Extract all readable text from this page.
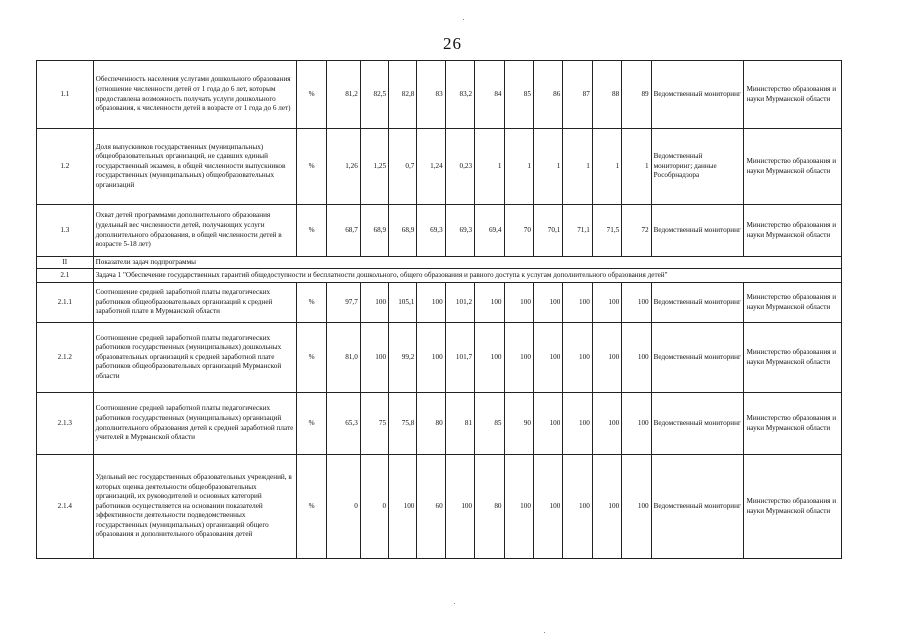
26
1.1	Обеспеченность населения услугами дошкольного образования (отношение численности детей от 1 года до 6 лет, которым предоставлена возможность получать услуги дошкольного образования, к численности детей в возрасте от 1 года до 6 лет)	%	81,2	82,5	82,8	83	83,2	84	85	86	87	88	89	Ведомственный мониторинг	Министерство образования и науки Мурманской области
1.2	Доля выпускников государственных (муниципальных) общеобразовательных организаций, не сдавших единый государственный экзамен, в общей численности выпускников государственных (муниципальных) общеобразовательных организаций	%	1,26	1,25	0,7	1,24	0,23	1	1	1	1	1	1	Ведомственный мониторинг; данные Рособрнадзора	Министерство образования и науки Мурманской области
1.3	Охват детей программами дополнительного образования (удельный вес численности детей, получающих услуги дополнительного образования, в общей численности детей в возрасте 5-18 лет)	%	68,7	68,9	68,9	69,3	69,3	69,4	70	70,1	71,1	71,5	72	Ведомственный мониторинг	Министерство образования и науки Мурманской области
II	Показатели задач подпрограммы														
2.1	Задача 1 "Обеспечение государственных гарантий общедоступности и бесплатности дошкольного, общего образования и равного доступа к услугам дополнительного образования детей"														
2.1.1	Соотношение средней заработной платы педагогических работников общеобразовательных организаций к средней заработной плате в Мурманской области	%	97,7	100	105,1	100	101,2	100	100	100	100	100	100	Ведомственный мониторинг	Министерство образования и науки Мурманской области
2.1.2	Соотношение средней заработной платы педагогических работников государственных (муниципальных) дошкольных образовательных организаций к средней заработной плате работников общеобразовательных организаций Мурманской области	%	81,0	100	99,2	100	101,7	100	100	100	100	100	100	Ведомственный мониторинг	Министерство образования и науки Мурманской области
2.1.3	Соотношение средней заработной платы педагогических работников государственных (муниципальных) организаций дополнительного образования детей к средней заработной плате учителей в Мурманской области	%	65,3	75	75,8	80	81	85	90	100	100	100	100	Ведомственный мониторинг	Министерство образования и науки Мурманской области
2.1.4	Удельный вес государственных образовательных учреждений, в которых оценка деятельности общеобразовательных организаций, их руководителей и основных категорий работников осуществляется на основании показателей эффективности деятельности подведомственных государственных (муниципальных) организаций общего образования и дополнительного образования детей	%	0	0	100	60	100	80	100	100	100	100	100	Ведомственный мониторинг	Министерство образования и науки Мурманской области
